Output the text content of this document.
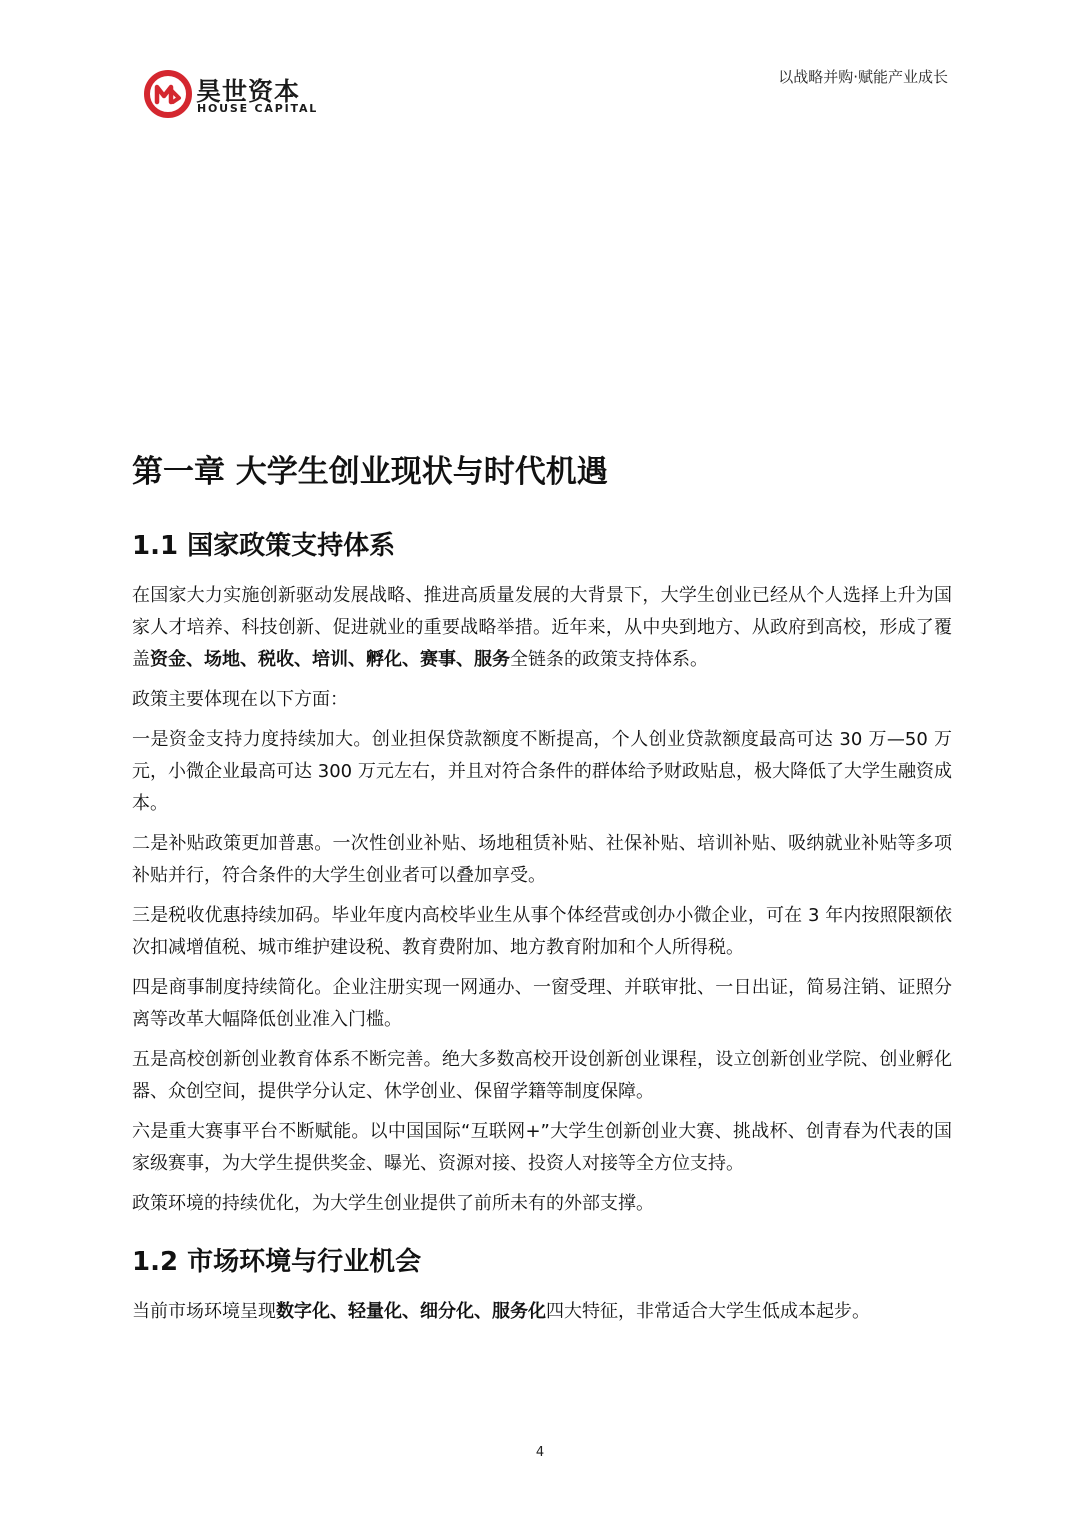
昊世资本
HOUSE CAPITAL
以战略并购·赋能产业成长
第一章 大学生创业现状与时代机遇
1.1 国家政策支持体系

在国家大力实施创新驱动发展战略、推进高质量发展的大背景下，大学生创业已经从个人选择上升为国家人才培养、科技创新、促进就业的重要战略举措。近年来，从中央到地方、从政府到高校，形成了覆盖资金、场地、税收、培训、孵化、赛事、服务全链条的政策支持体系。

政策主要体现在以下方面：

一是资金支持力度持续加大。创业担保贷款额度不断提高，个人创业贷款额度最高可达 30 万—50 万元，小微企业最高可达 300 万元左右，并且对符合条件的群体给予财政贴息，极大降低了大学生融资成本。

二是补贴政策更加普惠。一次性创业补贴、场地租赁补贴、社保补贴、培训补贴、吸纳就业补贴等多项补贴并行，符合条件的大学生创业者可以叠加享受。

三是税收优惠持续加码。毕业年度内高校毕业生从事个体经营或创办小微企业，可在 3 年内按照限额依次扣减增值税、城市维护建设税、教育费附加、地方教育附加和个人所得税。

四是商事制度持续简化。企业注册实现一网通办、一窗受理、并联审批、一日出证，简易注销、证照分离等改革大幅降低创业准入门槛。

五是高校创新创业教育体系不断完善。绝大多数高校开设创新创业课程，设立创新创业学院、创业孵化器、众创空间，提供学分认定、休学创业、保留学籍等制度保障。

六是重大赛事平台不断赋能。以中国国际“互联网+”大学生创新创业大赛、挑战杯、创青春为代表的国家级赛事，为大学生提供奖金、曝光、资源对接、投资人对接等全方位支持。

政策环境的持续优化，为大学生创业提供了前所未有的外部支撑。

1.2 市场环境与行业机会

当前市场环境呈现数字化、轻量化、细分化、服务化四大特征，非常适合大学生低成本起步。

4
